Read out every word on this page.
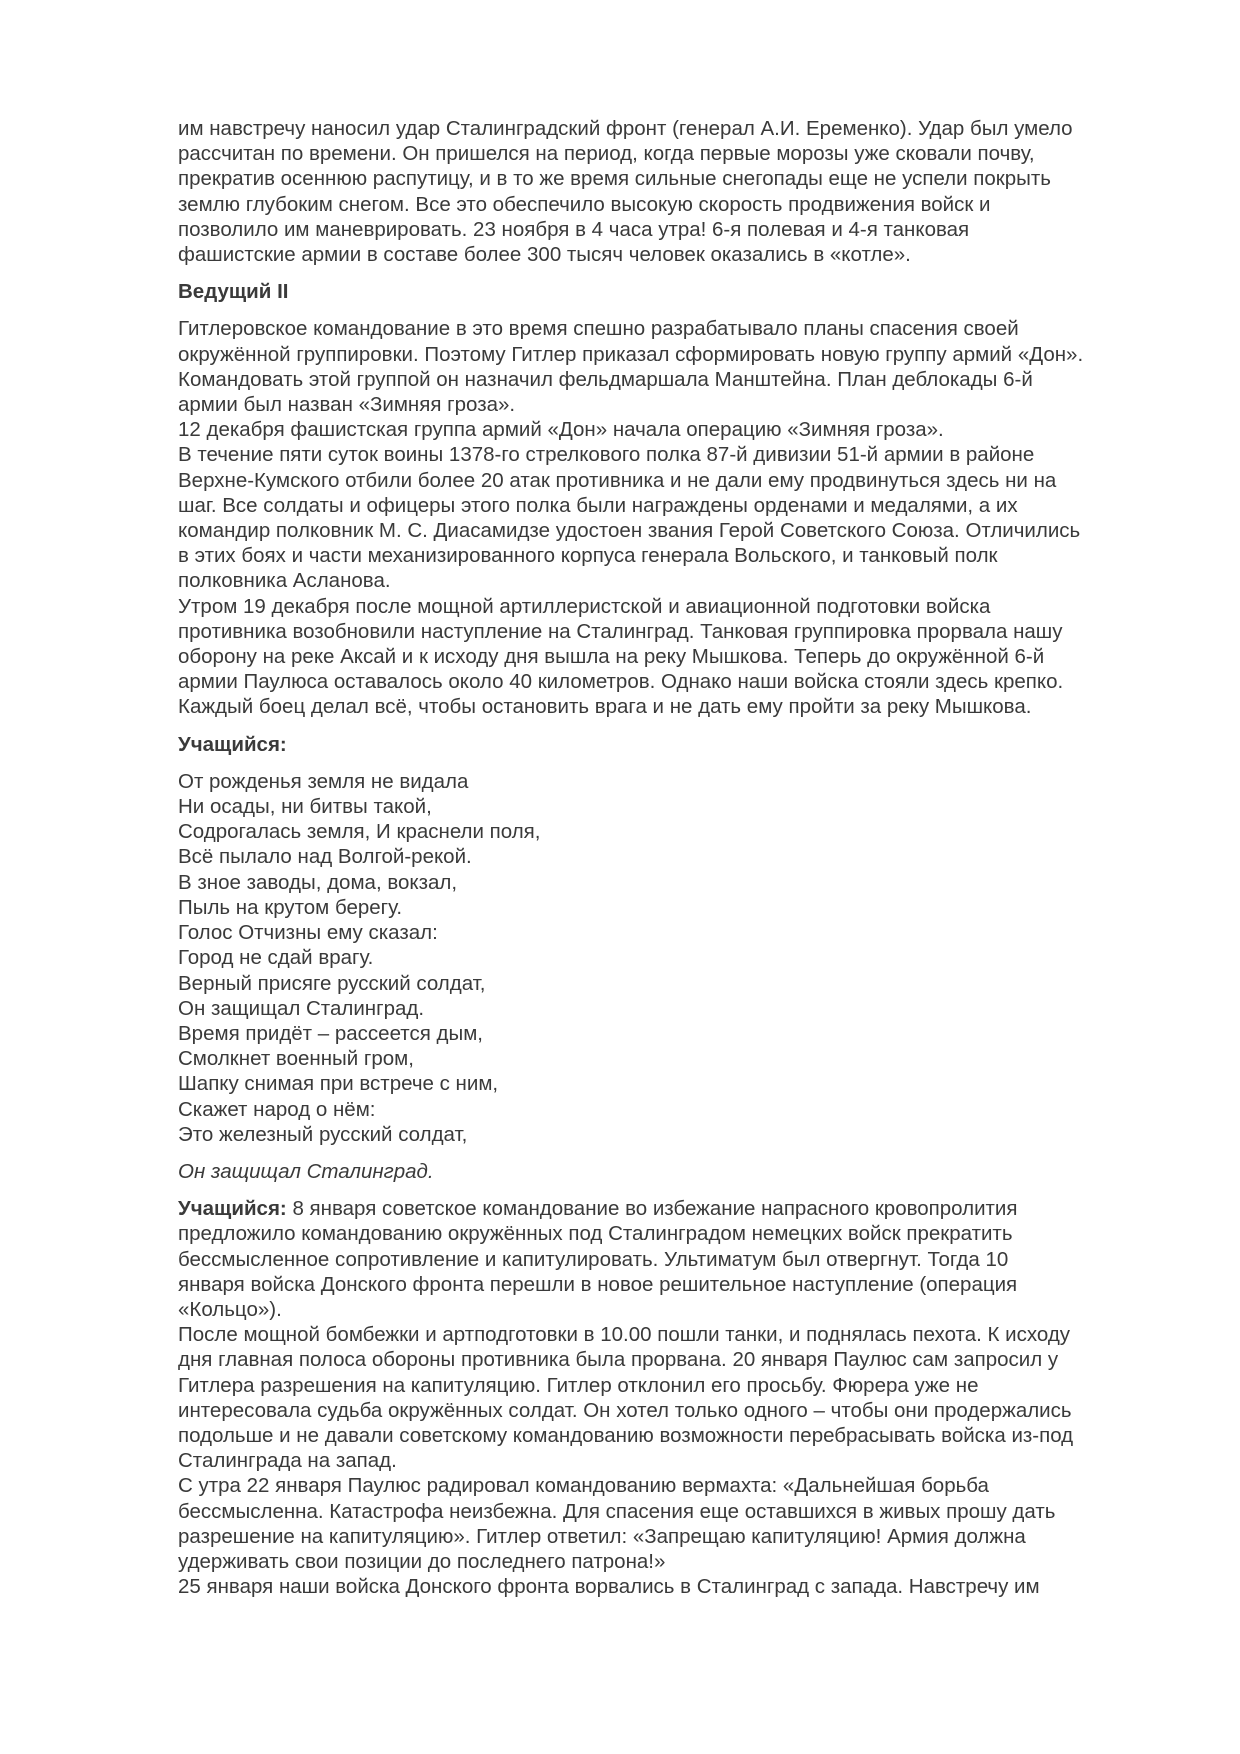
им навстречу наносил удар Сталинградский фронт (генерал А.И. Еременко). Удар был умело
рассчитан по времени. Он пришелся на период, когда первые морозы уже сковали почву,
прекратив осеннюю распутицу, и в то же время сильные снегопады еще не успели покрыть
землю глубоким снегом. Все это обеспечило высокую скорость продвижения войск и
позволило им маневрировать. 23 ноября в 4 часа утра! 6-я полевая и 4-я танковая
фашистские армии в составе более 300 тысяч человек оказались в «котле».
Ведущий II
Гитлеровское командование в это время спешно разрабатывало планы спасения своей
окружённой группировки. Поэтому Гитлер приказал сформировать новую группу армий «Дон».
Командовать этой группой он назначил фельдмаршала Манштейна. План деблокады 6-й
армии был назван «Зимняя гроза».
12 декабря фашистская группа армий «Дон» начала операцию «Зимняя гроза».
В течение пяти суток воины 1378-го стрелкового полка 87-й дивизии 51-й армии в районе
Верхне-Кумского отбили более 20 атак противника и не дали ему продвинуться здесь ни на
шаг. Все солдаты и офицеры этого полка были награждены орденами и медалями, а их
командир полковник М. С. Диасамидзе удостоен звания Герой Советского Союза. Отличились
в этих боях и части механизированного корпуса генерала Вольского, и танковый полк
полковника Асланова.
Утром 19 декабря после мощной артиллеристской и авиационной подготовки войска
противника возобновили наступление на Сталинград. Танковая группировка прорвала нашу
оборону на реке Аксай и к исходу дня вышла на реку Мышкова. Теперь до окружённой 6-й
армии Паулюса оставалось около 40 километров. Однако наши войска стояли здесь крепко.
Каждый боец делал всё, чтобы остановить врага и не дать ему пройти за реку Мышкова.
Учащийся:
От рожденья земля не видала
Ни осады, ни битвы такой,
Содрогалась земля, И краснели поля,
Всё пылало над Волгой-рекой.
В зное заводы, дома, вокзал,
Пыль на крутом берегу.
Голос Отчизны ему сказал:
Город не сдай врагу.
Верный присяге русский солдат,
Он защищал Сталинград.
Время придёт – рассеется дым,
Смолкнет военный гром,
Шапку снимая при встрече с ним,
Скажет народ о нём:
Это железный русский солдат,
Он защищал Сталинград.
Учащийся: 8 января советское командование во избежание напрасного кровопролития
предложило командованию окружённых под Сталинградом немецких войск прекратить
бессмысленное сопротивление и капитулировать. Ультиматум был отвергнут. Тогда 10
января войска Донского фронта перешли в новое решительное наступление (операция
«Кольцо»).
После мощной бомбежки и артподготовки в 10.00 пошли танки, и поднялась пехота. К исходу
дня главная полоса обороны противника была прорвана. 20 января Паулюс сам запросил у
Гитлера разрешения на капитуляцию. Гитлер отклонил его просьбу. Фюрера уже не
интересовала судьба окружённых солдат. Он хотел только одного – чтобы они продержались
подольше и не давали советскому командованию возможности перебрасывать войска из-под
Сталинграда на запад.
С утра 22 января Паулюс радировал командованию вермахта: «Дальнейшая борьба
бессмысленна. Катастрофа неизбежна. Для спасения еще оставшихся в живых прошу дать
разрешение на капитуляцию». Гитлер ответил: «Запрещаю капитуляцию! Армия должна
удерживать свои позиции до последнего патрона!»
25 января наши войска Донского фронта ворвались в Сталинград с запада. Навстречу им
